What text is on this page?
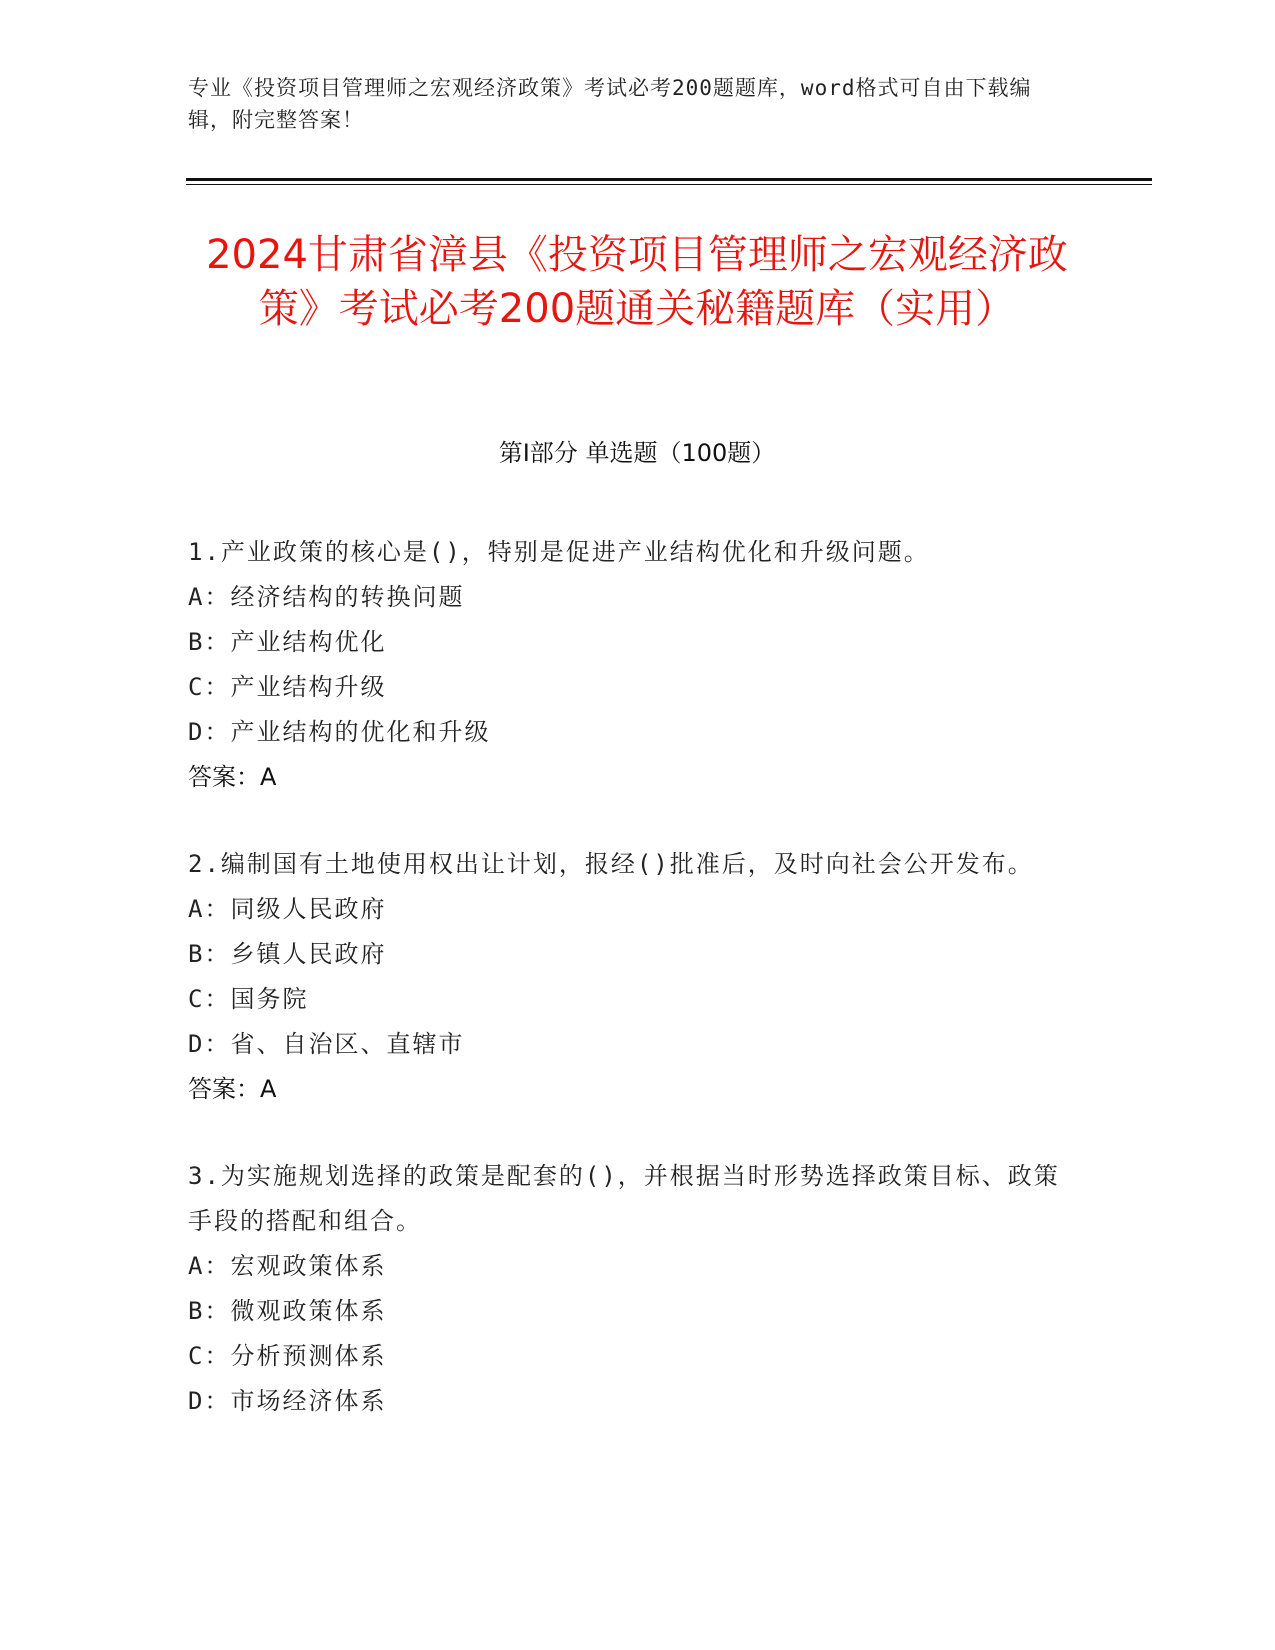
专业《投资项目管理师之宏观经济政策》考试必考200题题库，word格式可自由下载编辑，附完整答案！
2024甘肃省漳县《投资项目管理师之宏观经济政策》考试必考200题通关秘籍题库（实用）
第I部分 单选题（100题）
1.产业政策的核心是()，特别是促进产业结构优化和升级问题。
A：经济结构的转换问题
B：产业结构优化
C：产业结构升级
D：产业结构的优化和升级
答案：A
2.编制国有土地使用权出让计划，报经()批准后，及时向社会公开发布。
A：同级人民政府
B：乡镇人民政府
C：国务院
D：省、自治区、直辖市
答案：A
3.为实施规划选择的政策是配套的()，并根据当时形势选择政策目标、政策手段的搭配和组合。
A：宏观政策体系
B：微观政策体系
C：分析预测体系
D：市场经济体系
